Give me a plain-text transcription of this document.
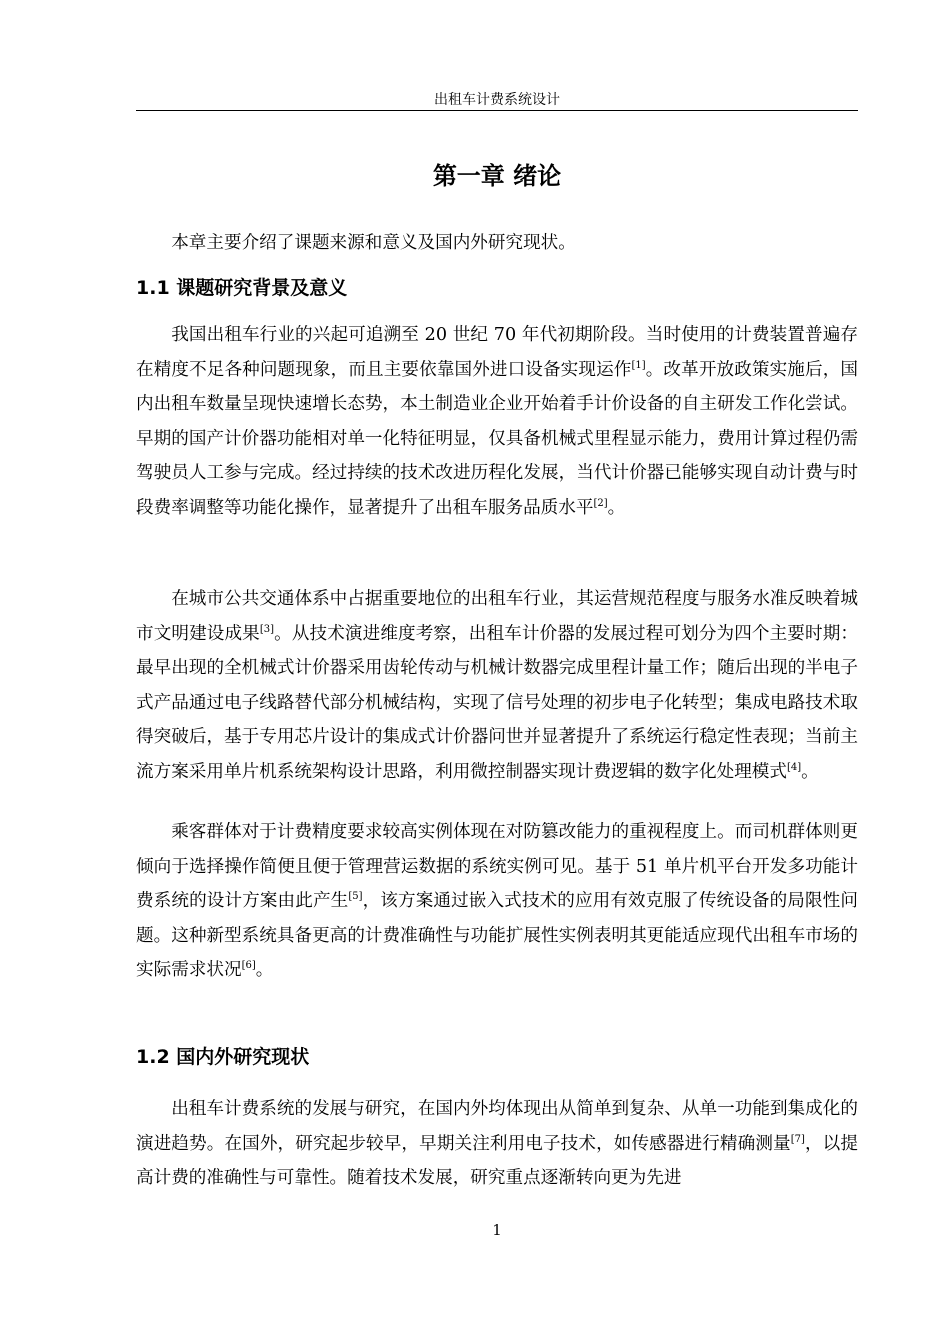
出租车计费系统设计
第一章 绪论

本章主要介绍了课题来源和意义及国内外研究现状。

1.1 课题研究背景及意义

我国出租车行业的兴起可追溯至 20 世纪 70 年代初期阶段。当时使用的计费装置普遍存在精度不足各种问题现象，而且主要依靠国外进口设备实现运作[1]。改革开放政策实施后，国内出租车数量呈现快速增长态势，本土制造业企业开始着手计价设备的自主研发工作化尝试。早期的国产计价器功能相对单一化特征明显，仅具备机械式里程显示能力，费用计算过程仍需驾驶员人工参与完成。经过持续的技术改进历程化发展，当代计价器已能够实现自动计费与时段费率调整等功能化操作，显著提升了出租车服务品质水平[2]。

在城市公共交通体系中占据重要地位的出租车行业，其运营规范程度与服务水准反映着城市文明建设成果[3]。从技术演进维度考察，出租车计价器的发展过程可划分为四个主要时期：最早出现的全机械式计价器采用齿轮传动与机械计数器完成里程计量工作；随后出现的半电子式产品通过电子线路替代部分机械结构，实现了信号处理的初步电子化转型；集成电路技术取得突破后，基于专用芯片设计的集成式计价器问世并显著提升了系统运行稳定性表现；当前主流方案采用单片机系统架构设计思路，利用微控制器实现计费逻辑的数字化处理模式[4]。

乘客群体对于计费精度要求较高实例体现在对防篡改能力的重视程度上。而司机群体则更倾向于选择操作简便且便于管理营运数据的系统实例可见。基于 51 单片机平台开发多功能计费系统的设计方案由此产生[5]，该方案通过嵌入式技术的应用有效克服了传统设备的局限性问题。这种新型系统具备更高的计费准确性与功能扩展性实例表明其更能适应现代出租车市场的实际需求状况[6]。

1.2 国内外研究现状

出租车计费系统的发展与研究，在国内外均体现出从简单到复杂、从单一功能到集成化的演进趋势。在国外，研究起步较早，早期关注利用电子技术，如传感器进行精确测量[7]，以提高计费的准确性与可靠性。随着技术发展，研究重点逐渐转向更为先进

1
